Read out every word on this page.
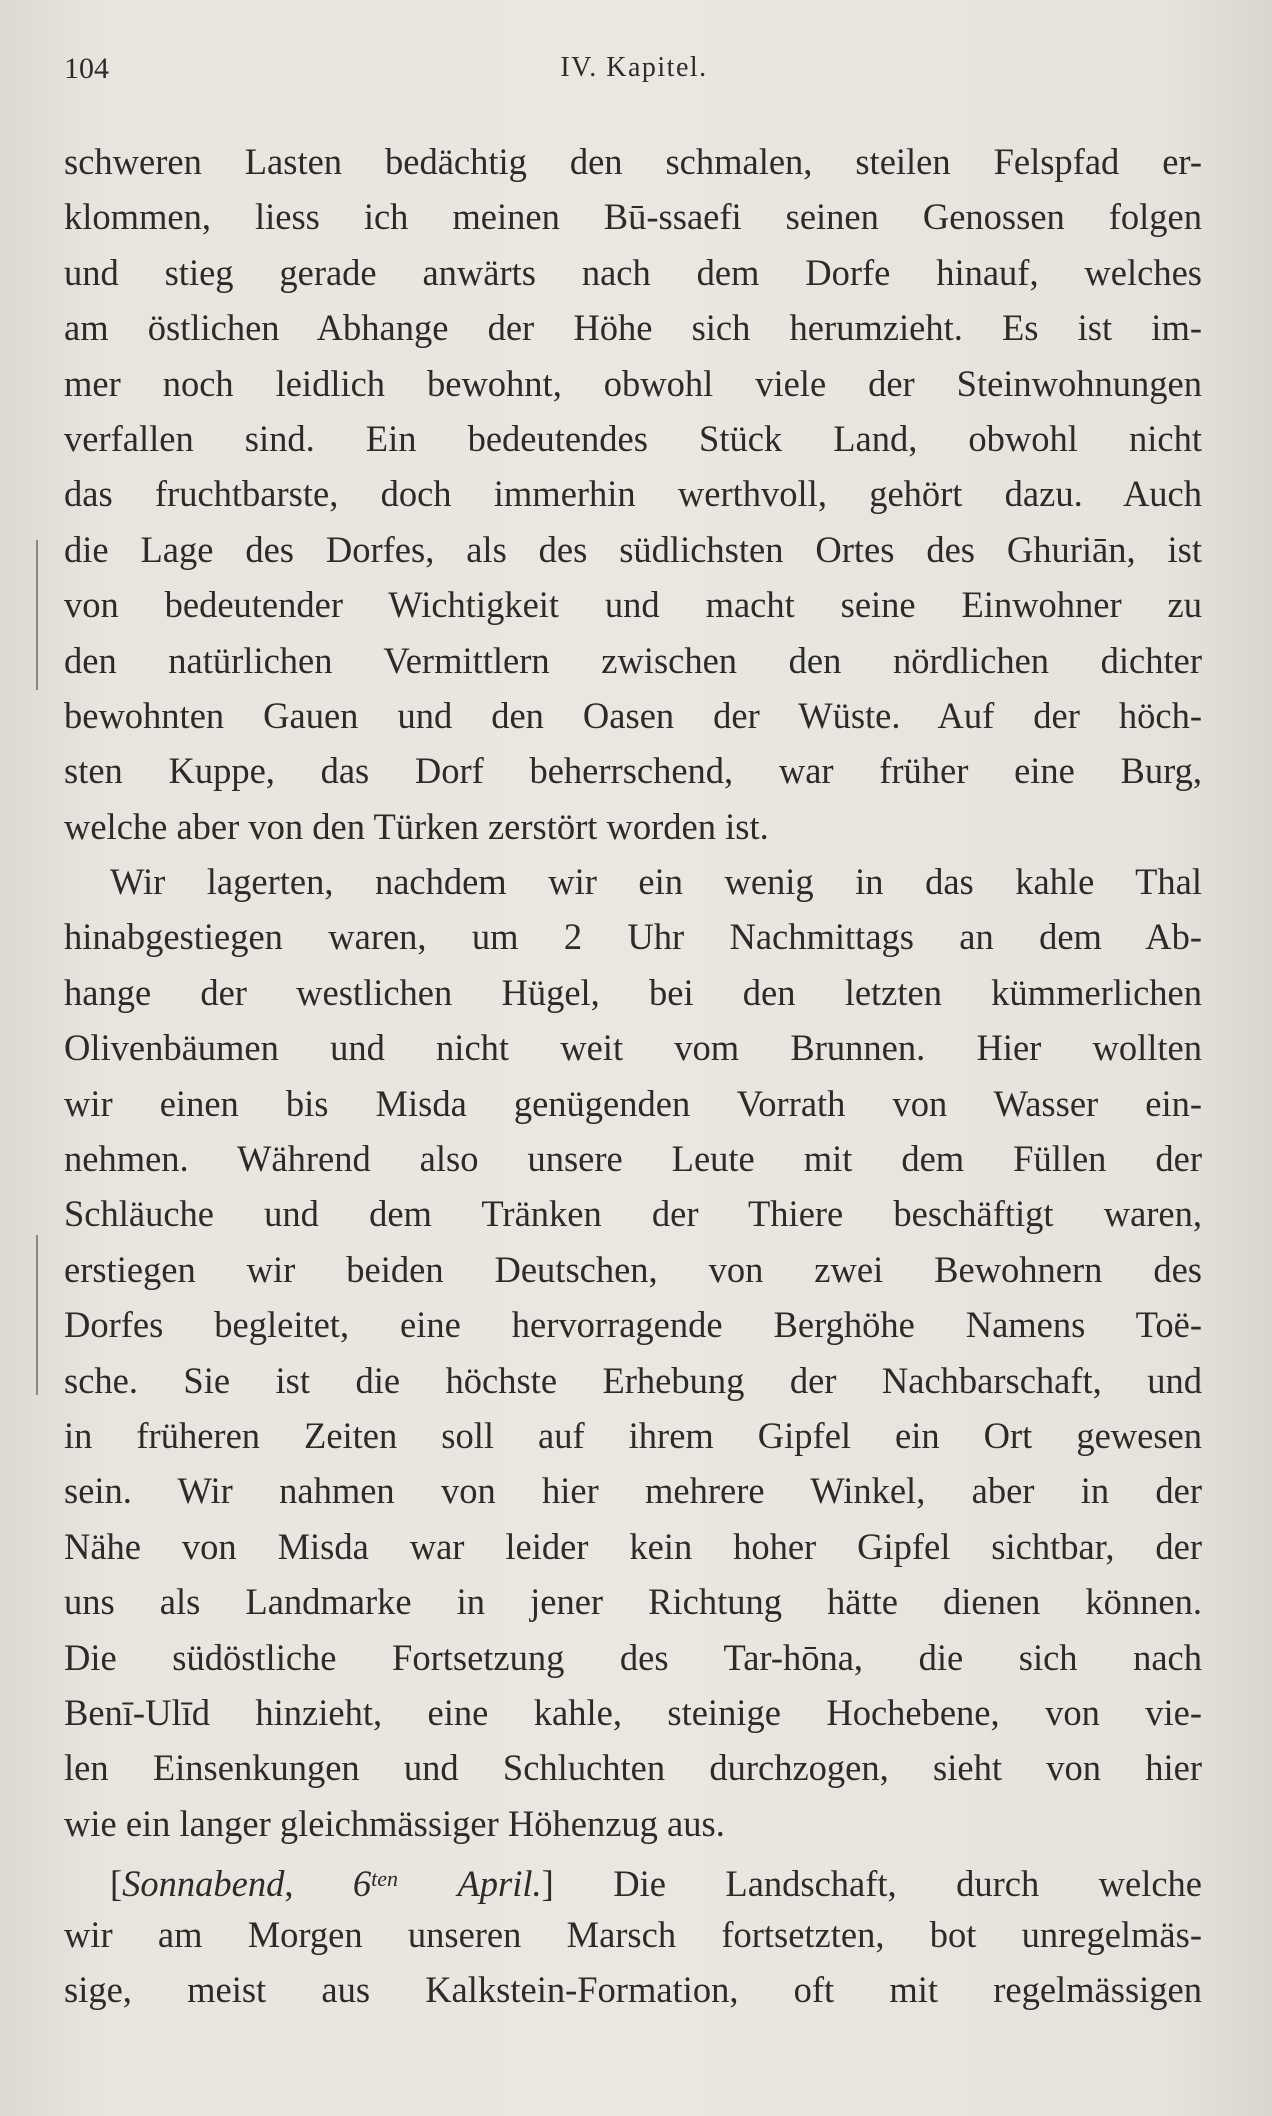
104	IV. Kapitel.
schweren Lasten bedächtig den schmalen, steilen Felspfad er-
klommen, liess ich meinen Bū-ssaefi seinen Genossen folgen
und stieg gerade anwärts nach dem Dorfe hinauf, welches
am östlichen Abhange der Höhe sich herumzieht. Es ist im-
mer noch leidlich bewohnt, obwohl viele der Steinwohnungen
verfallen sind. Ein bedeutendes Stück Land, obwohl nicht
das fruchtbarste, doch immerhin werthvoll, gehört dazu. Auch
die Lage des Dorfes, als des südlichsten Ortes des Ghuriān, ist
von bedeutender Wichtigkeit und macht seine Einwohner zu
den natürlichen Vermittlern zwischen den nördlichen dichter
bewohnten Gauen und den Oasen der Wüste. Auf der höch-
sten Kuppe, das Dorf beherrschend, war früher eine Burg,
welche aber von den Türken zerstört worden ist.
Wir lagerten, nachdem wir ein wenig in das kahle Thal
hinabgestiegen waren, um 2 Uhr Nachmittags an dem Ab-
hange der westlichen Hügel, bei den letzten kümmerlichen
Olivenbäumen und nicht weit vom Brunnen. Hier wollten
wir einen bis Misda genügenden Vorrath von Wasser ein-
nehmen. Während also unsere Leute mit dem Füllen der
Schläuche und dem Tränken der Thiere beschäftigt waren,
erstiegen wir beiden Deutschen, von zwei Bewohnern des
Dorfes begleitet, eine hervorragende Berghöhe Namens Toë-
sche. Sie ist die höchste Erhebung der Nachbarschaft, und
in früheren Zeiten soll auf ihrem Gipfel ein Ort gewesen
sein. Wir nahmen von hier mehrere Winkel, aber in der
Nähe von Misda war leider kein hoher Gipfel sichtbar, der
uns als Landmarke in jener Richtung hätte dienen können.
Die südöstliche Fortsetzung des Tar-hōna, die sich nach
Benī-Ulīd hinzieht, eine kahle, steinige Hochebene, von vie-
len Einsenkungen und Schluchten durchzogen, sieht von hier
wie ein langer gleichmässiger Höhenzug aus.
[Sonnabend, $6^{ten}$ April.] Die Landschaft, durch welche
wir am Morgen unseren Marsch fortsetzten, bot unregelmäs-
sige, meist aus Kalkstein-Formation, oft mit regelmässigen
